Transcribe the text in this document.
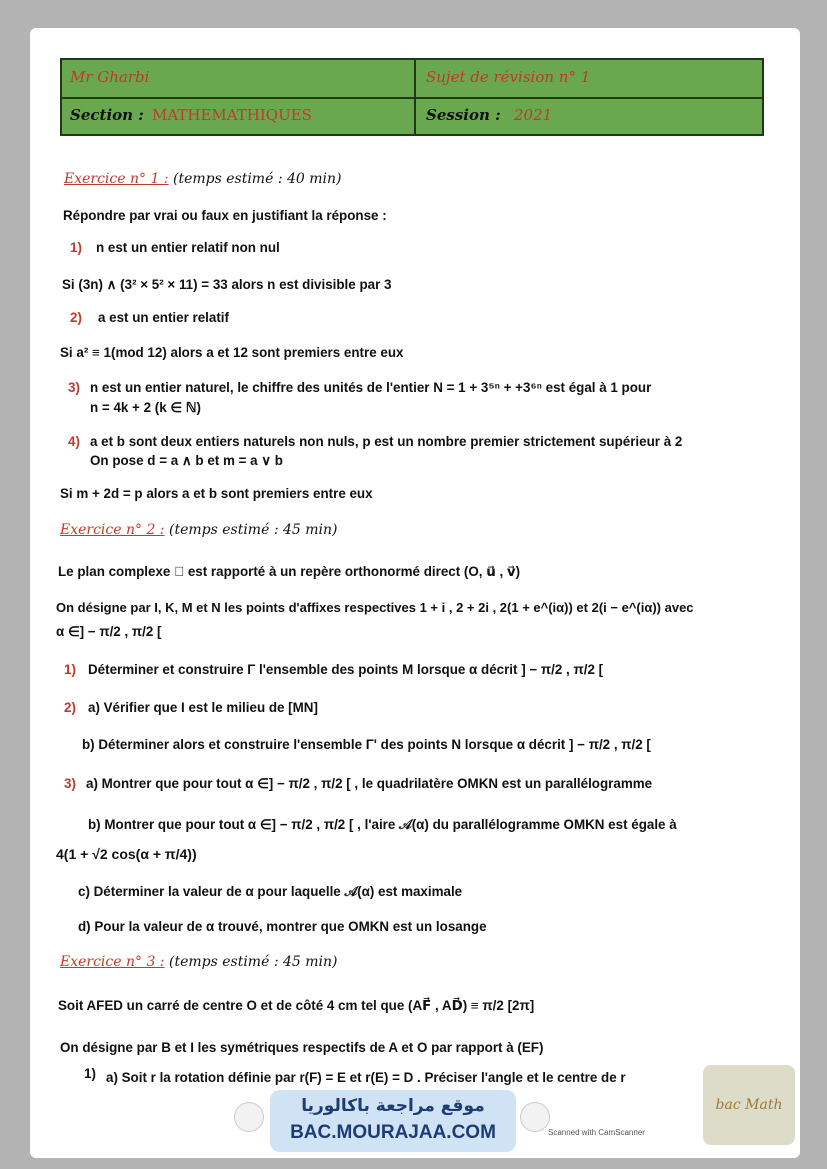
Mr Gharbi	Sujet de révision n° 1
Section : MATHEMATHIQUES	Session : 2021
Exercice n° 1 : (temps estimé : 40 min)
Répondre par vrai ou faux en justifiant la réponse :
1) n est un entier relatif non nul
Si (3n) ∧ (3² × 5² × 11) = 33 alors n est divisible par 3
2) a est un entier relatif
Si a² ≡ 1(mod 12) alors a et 12 sont premiers entre eux
3) n est un entier naturel, le chiffre des unités de l'entier N = 1 + 3⁵ⁿ + +3⁶ⁿ est égal à 1 pour
n = 4k + 2 (k ∈ ℕ)
4) a et b sont deux entiers naturels non nuls, p est un nombre premier strictement supérieur à 2
On pose d = a ∧ b et m = a ∨ b
Si m + 2d = p alors a et b sont premiers entre eux
Exercice n° 2 : (temps estimé : 45 min)
Le plan complexe 𝒫 est rapporté à un repère orthonormé direct (O, u⃗ , v⃗)
On désigne par I, K, M et N les points d'affixes respectives 1 + i , 2 + 2i , 2(1 + e^(iα)) et 2(i − e^(iα)) avec
α ∈] − π/2 , π/2 [
1) Déterminer et construire Γ l'ensemble des points M lorsque α décrit ] − π/2 , π/2 [
2) a) Vérifier que I est le milieu de [MN]
b) Déterminer alors et construire l'ensemble Γ' des points N lorsque α décrit ] − π/2 , π/2 [
3) a) Montrer que pour tout α ∈] − π/2 , π/2 [ , le quadrilatère OMKN est un parallélogramme
b) Montrer que pour tout α ∈] − π/2 , π/2 [ , l'aire 𝒜(α) du parallélogramme OMKN est égale à
4(1 + √2 cos(α + π/4))
c) Déterminer la valeur de α pour laquelle 𝒜(α) est maximale
d) Pour la valeur de α trouvé, montrer que OMKN est un losange
Exercice n° 3 : (temps estimé : 45 min)
Soit AFED un carré de centre O et de côté 4 cm tel que (AF⃗ , AD⃗) ≡ π/2 [2π]
On désigne par B et I les symétriques respectifs de A et O par rapport à (EF)
1) a) Soit r la rotation définie par r(F) = E et r(E) = D . Préciser l'angle et le centre de r
موقع مراجعة باكالوريا
BAC.MOURAJAA.COM	Scanned with CamScanner
bac Math
